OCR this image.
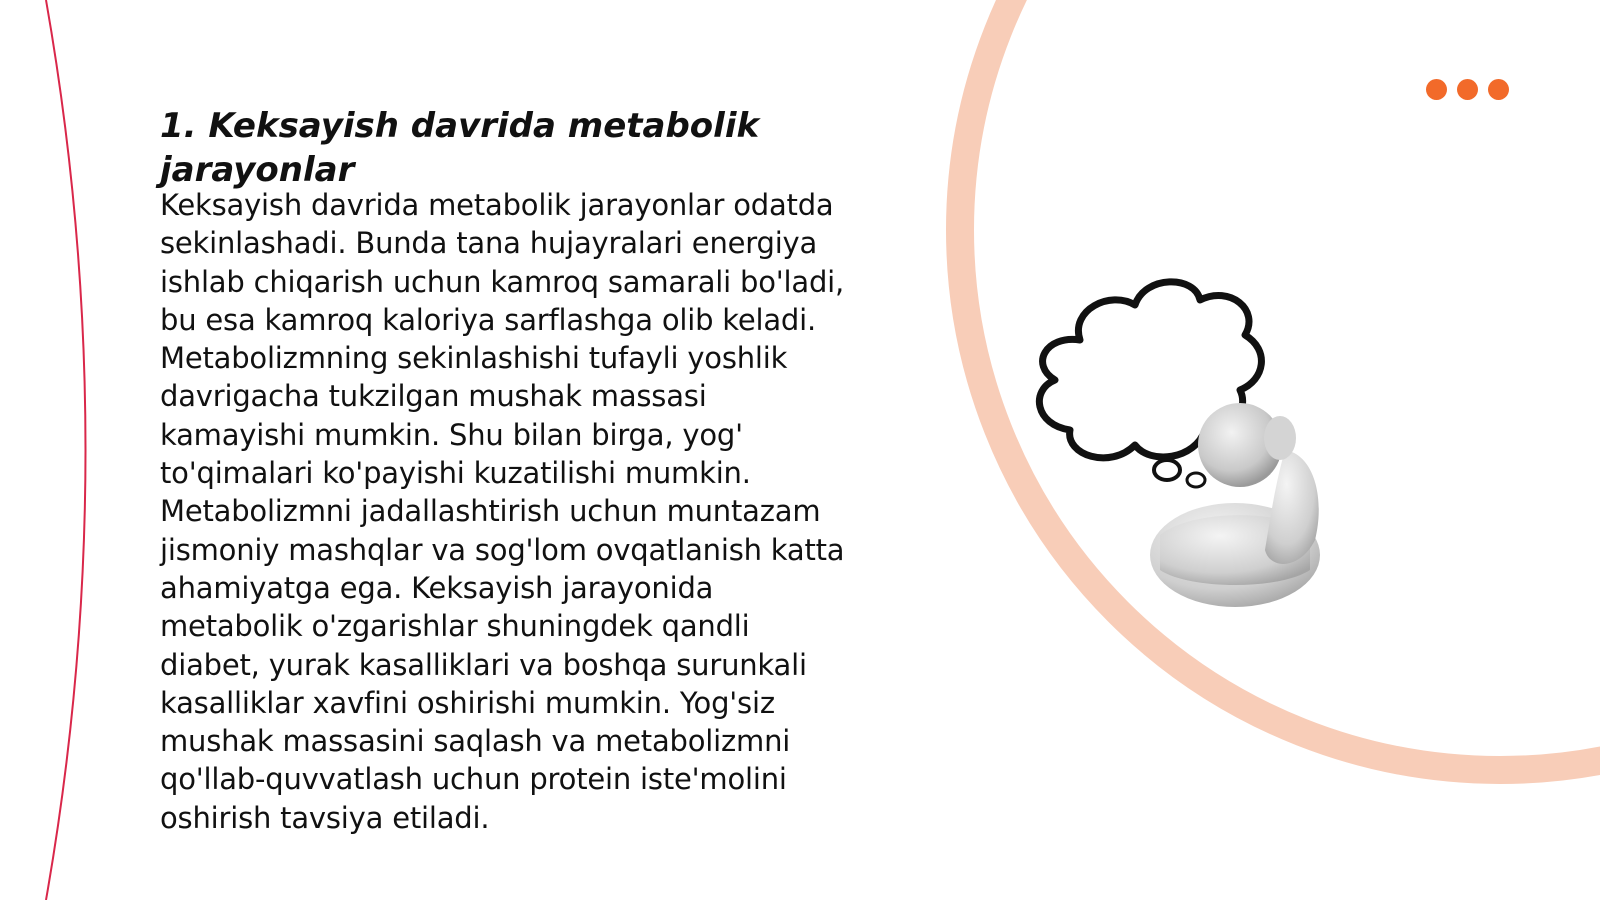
1. Keksayish davrida metabolik jarayonlar

Keksayish davrida metabolik jarayonlar odatda sekinlashadi. Bunda tana hujayralari energiya ishlab chiqarish uchun kamroq samarali bo'ladi, bu esa kamroq kaloriya sarflashga olib keladi. Metabolizmning sekinlashishi tufayli yoshlik davrigacha tukzilgan mushak massasi kamayishi mumkin. Shu bilan birga, yog' to'qimalari ko'payishi kuzatilishi mumkin. Metabolizmni jadallashtirish uchun muntazam jismoniy mashqlar va sog'lom ovqatlanish katta ahamiyatga ega. Keksayish jarayonida metabolik o'zgarishlar shuningdek qandli diabet, yurak kasalliklari va boshqa surunkali kasalliklar xavfini oshirishi mumkin. Yog'siz mushak massasini saqlash va metabolizmni qo'llab-quvvatlash uchun protein iste'molini oshirish tavsiya etiladi.
